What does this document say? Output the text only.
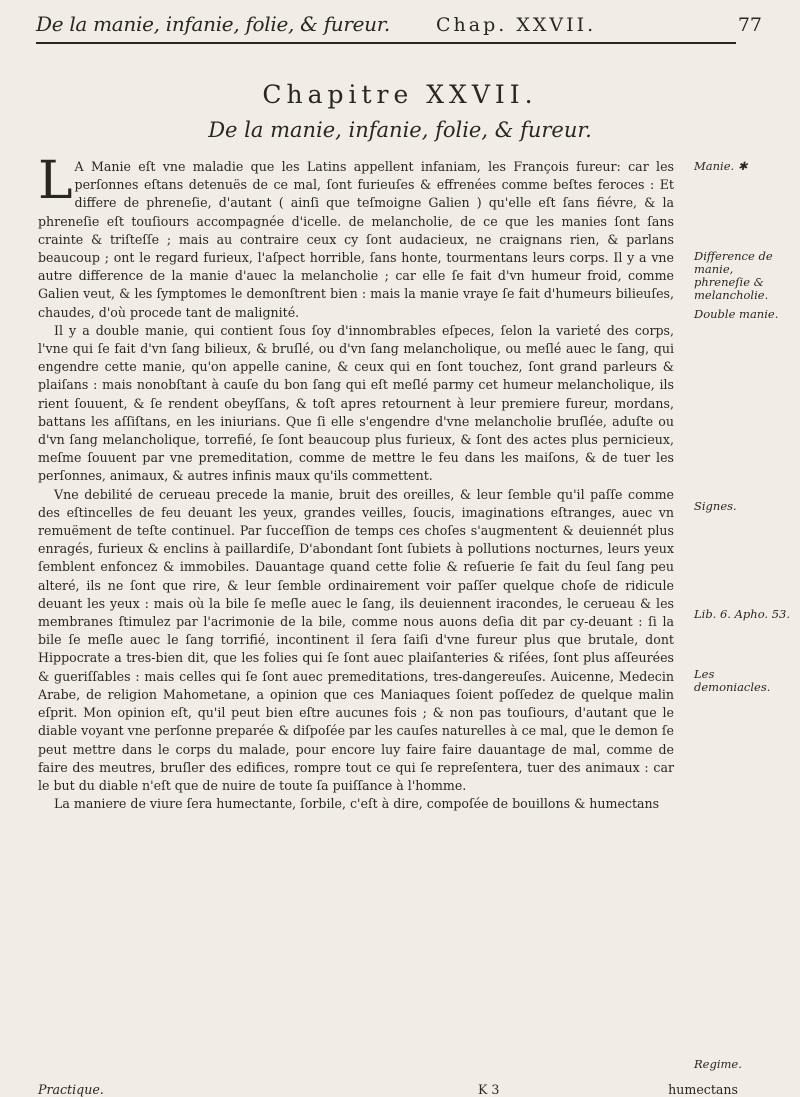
De la manie, infanie, folie, & fureur. Chap. XXVII.	77
Chapitre XXVII.
De la manie, infanie, folie, & fureur.

L A Manie eſt vne maladie que les Latins appellent infaniam, les François fureur: car les perſonnes eſtans detenuës de ce mal, ſont furieuſes & effrenées comme beſtes feroces : Et differe de phreneſie, d'autant ( ainſi que teſmoigne Galien ) qu'elle eſt ſans fiévre, & la phreneſie eſt touſiours accompagnée d'icelle. de melancholie, de ce que les manies ſont ſans crainte & triſteſſe ; mais au contraire ceux cy ſont audacieux, ne craignans rien, & parlans beaucoup ; ont le regard furieux, l'aſpect horrible, ſans honte, tourmentans leurs corps. Il y a vne autre difference de la manie d'auec la melancholie ; car elle ſe fait d'vn humeur froid, comme Galien veut, & les ſymptomes le demonſtrent bien : mais la manie vraye ſe fait d'humeurs bilieuſes, chaudes, d'où procede tant de malignité.

Il y a double manie, qui contient ſous ſoy d'innombrables eſpeces, ſelon la varieté des corps, l'vne qui ſe fait d'vn ſang bilieux, & bruſlé, ou d'vn ſang melancholique, ou meſlé auec le ſang, qui engendre cette manie, qu'on appelle canine, & ceux qui en ſont touchez, ſont grand parleurs & plaiſans : mais nonobſtant à cauſe du bon ſang qui eſt meſlé parmy cet humeur melancholique, ils rient ſouuent, & ſe rendent obeyſſans, & toſt apres retournent à leur premiere fureur, mordans, battans les aſſiſtans, en les iniurians. Que ſi elle s'engendre d'vne melancholie bruſlée, aduſte ou d'vn ſang melancholique, torrefié, ſe ſont beaucoup plus furieux, & ſont des actes plus pernicieux, meſme ſouuent par vne premeditation, comme de mettre le feu dans les maiſons, & de tuer les perſonnes, animaux, & autres infinis maux qu'ils commettent.

Vne debilité de cerueau precede la manie, bruit des oreilles, & leur ſemble qu'il paſſe comme des eſtincelles de feu deuant les yeux, grandes veilles, ſoucis, imaginations eſtranges, auec vn remuëment de teſte continuel. Par ſucceſſion de temps ces choſes s'augmentent & deuiennét plus enragés, furieux & enclins à paillardiſe, D'abondant ſont ſubiets à pollutions nocturnes, leurs yeux ſemblent enfoncez & immobiles. Dauantage quand cette folie & reſuerie ſe fait du ſeul ſang peu alteré, ils ne ſont que rire, & leur ſemble ordinairement voir paſſer quelque choſe de ridicule deuant les yeux : mais où la bile ſe meſle auec le ſang, ils deuiennent iracondes, le cerueau & les membranes ſtimulez par l'acrimonie de la bile, comme nous auons deſia dit par cy-deuant : ſi la bile ſe meſle auec le ſang torrifié, incontinent il ſera ſaiſi d'vne fureur plus que brutale, dont Hippocrate a tres-bien dit, que les folies qui ſe ſont auec plaiſanteries & riſées, ſont plus aſſeurées & gueriſſables : mais celles qui ſe ſont auec premeditations, tres-dangereuſes. Auicenne, Medecin Arabe, de religion Mahometane, a opinion que ces Maniaques ſoient poſſedez de quelque malin eſprit. Mon opinion eſt, qu'il peut bien eſtre aucunes fois ; & non pas touſiours, d'autant que le diable voyant vne perſonne preparée & diſpoſée par les cauſes naturelles à ce mal, que le demon ſe peut mettre dans le corps du malade, pour encore luy faire faire dauantage de mal, comme de faire des meutres, bruſler des edifices, rompre tout ce qui ſe repreſentera, tuer des animaux : car le but du diable n'eſt que de nuire de toute ſa puiſſance à l'homme.

La maniere de viure ſera humectante, ſorbile, c'eſt à dire, compoſée de bouillons & humectans

Manie. ✱
Difference de manie, phreneſie & melancholie.
Double manie.
Signes.
Lib. 6. Apho. 53.
Les demoniacles.
Regime.
Practique.	K 3	humectans
